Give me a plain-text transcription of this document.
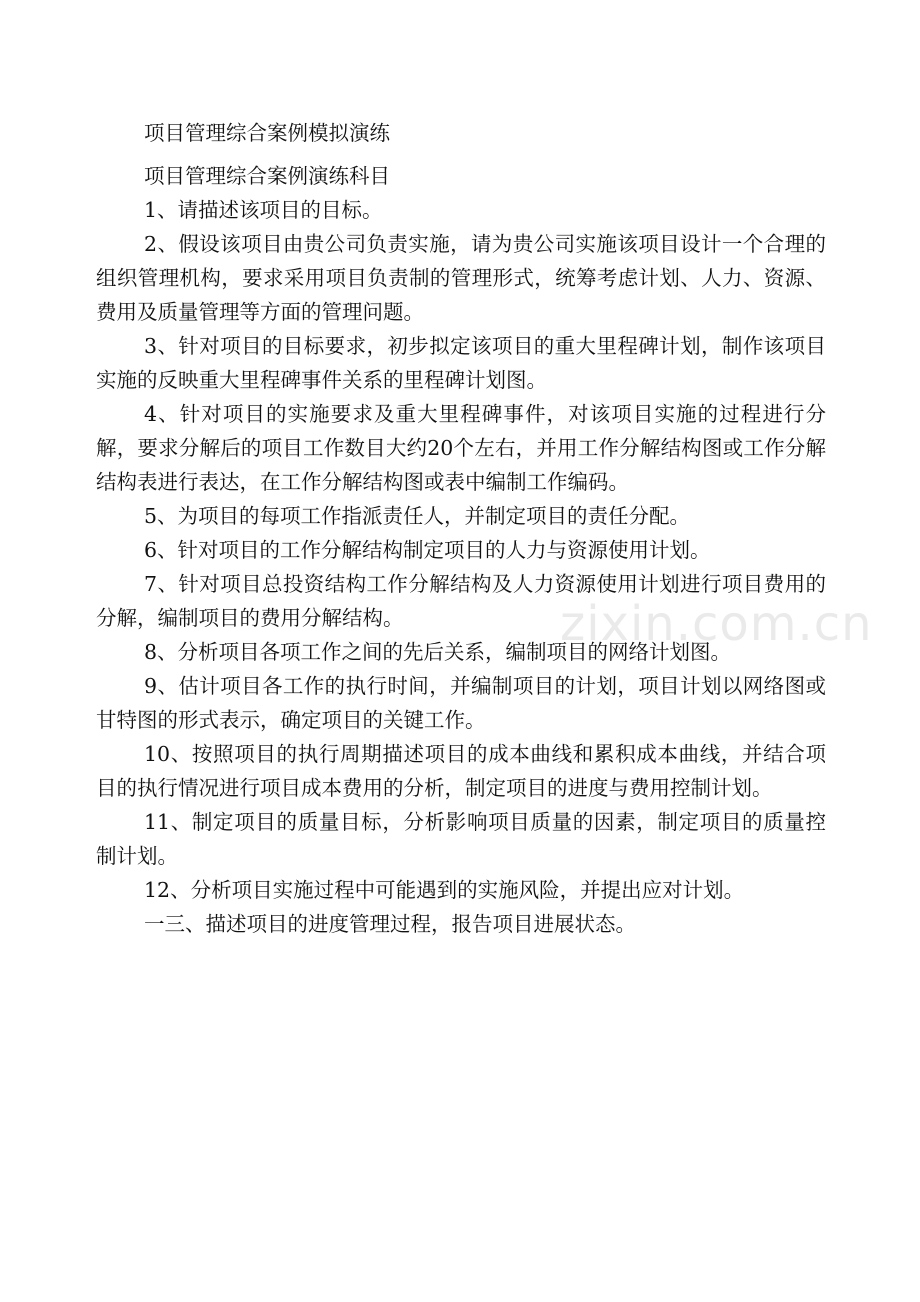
项目管理综合案例模拟演练

项目管理综合案例演练科目

1、请描述该项目的目标。

2、假设该项目由贵公司负责实施，请为贵公司实施该项目设计一个合理的组织管理机构，要求采用项目负责制的管理形式，统筹考虑计划、人力、资源、费用及质量管理等方面的管理问题。

3、针对项目的目标要求，初步拟定该项目的重大里程碑计划，制作该项目实施的反映重大里程碑事件关系的里程碑计划图。

4、针对项目的实施要求及重大里程碑事件，对该项目实施的过程进行分解，要求分解后的项目工作数目大约20个左右，并用工作分解结构图或工作分解结构表进行表达，在工作分解结构图或表中编制工作编码。

5、为项目的每项工作指派责任人，并制定项目的责任分配。

6、针对项目的工作分解结构制定项目的人力与资源使用计划。

7、针对项目总投资结构工作分解结构及人力资源使用计划进行项目费用的分解，编制项目的费用分解结构。

8、分析项目各项工作之间的先后关系，编制项目的网络计划图。

9、估计项目各工作的执行时间，并编制项目的计划，项目计划以网络图或甘特图的形式表示，确定项目的关键工作。

10、按照项目的执行周期描述项目的成本曲线和累积成本曲线，并结合项目的执行情况进行项目成本费用的分析，制定项目的进度与费用控制计划。

11、制定项目的质量目标，分析影响项目质量的因素，制定项目的质量控制计划。

12、分析项目实施过程中可能遇到的实施风险，并提出应对计划。

一三、描述项目的进度管理过程，报告项目进展状态。

zixin.com.cn
